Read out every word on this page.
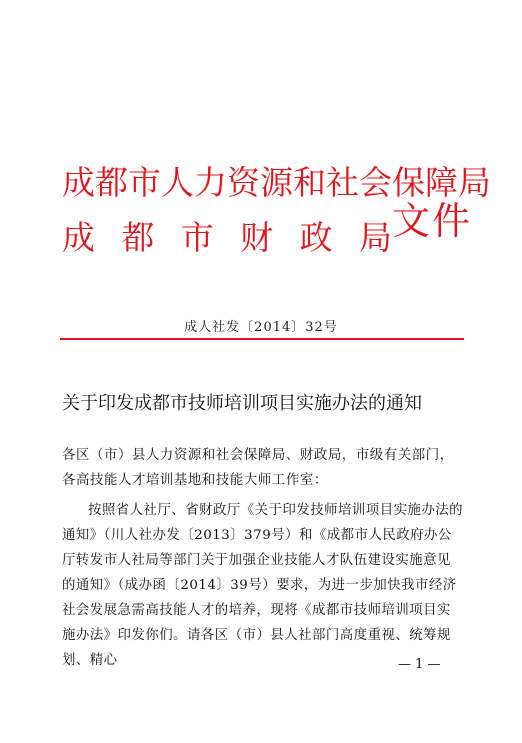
成都市人力资源和社会保障局
成 都 市 财 政 局 文件
成人社发〔2014〕32号
关于印发成都市技师培训项目实施办法的通知
各区（市）县人力资源和社会保障局、财政局，市级有关部门，各高技能人才培训基地和技能大师工作室：
按照省人社厅、省财政厅《关于印发技师培训项目实施办法的通知》（川人社办发〔2013〕379号）和《成都市人民政府办公厅转发市人社局等部门关于加强企业技能人才队伍建设实施意见的通知》（成办函〔2014〕39号）要求，为进一步加快我市经济社会发展急需高技能人才的培养，现将《成都市技师培训项目实施办法》印发你们。请各区（市）县人社部门高度重视、统筹规划、精心	— 1 —
